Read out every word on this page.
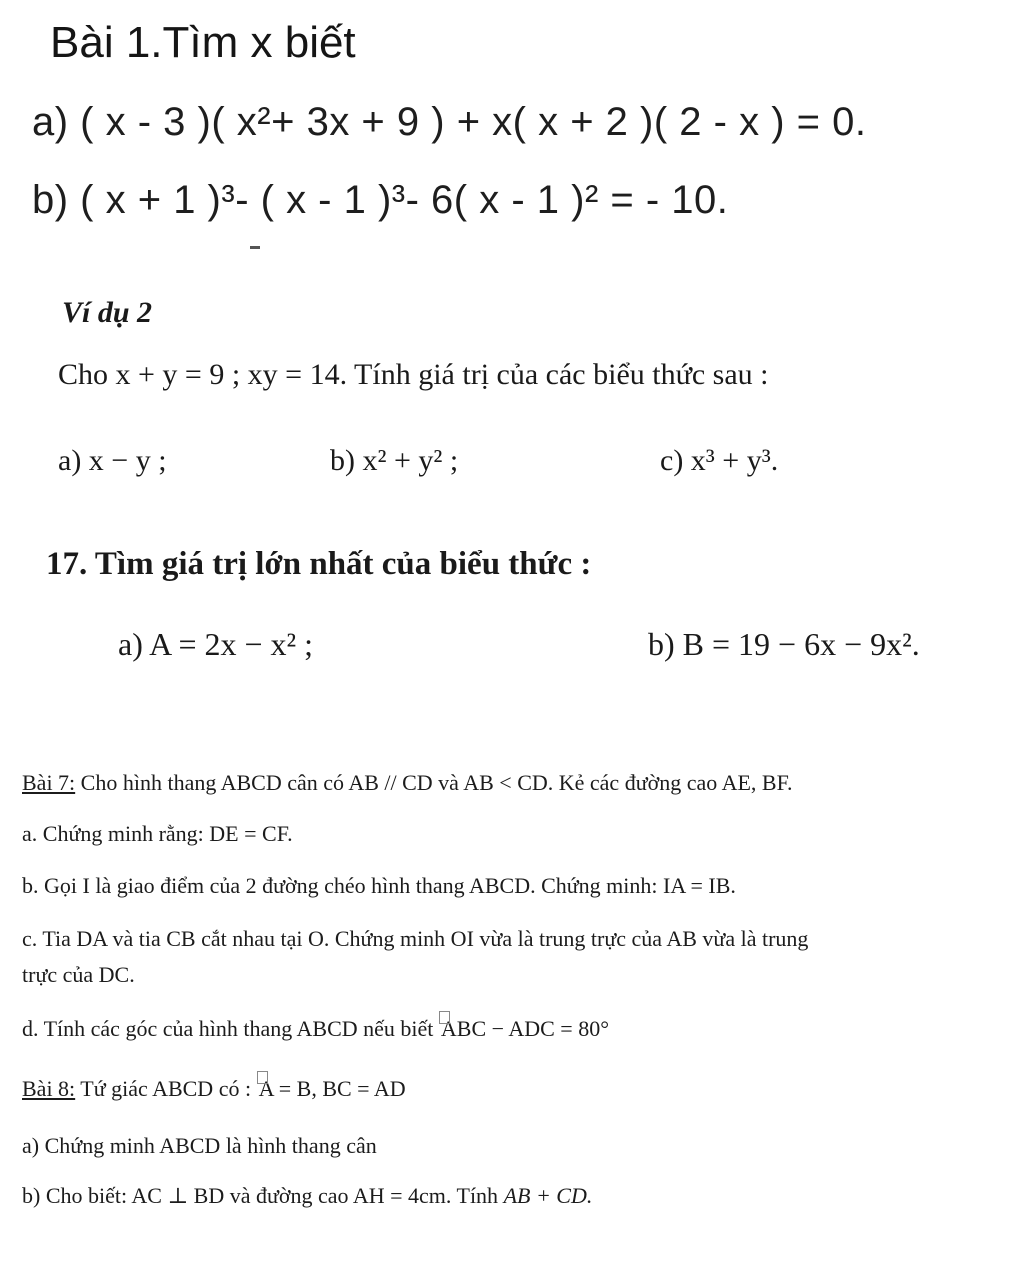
Bài 1.Tìm x biết
a) ( x - 3 )( x²+ 3x + 9 ) + x( x + 2 )( 2 - x ) = 0.
b) ( x + 1 )³- ( x - 1 )³- 6( x - 1 )² = - 10.
Ví dụ 2
Cho x + y = 9 ; xy = 14. Tính giá trị của các biểu thức sau :
a) x − y ;	b) x² + y² ;	c) x³ + y³.
17. Tìm giá trị lớn nhất của biểu thức :
a) A = 2x − x² ;	b) B = 19 − 6x − 9x².
Bài 7: Cho hình thang ABCD cân có AB // CD và AB < CD. Kẻ các đường cao AE, BF.
a. Chứng minh rằng: DE = CF.
b. Gọi I là giao điểm của 2 đường chéo hình thang ABCD. Chứng minh: IA = IB.
c. Tia DA và tia CB cắt nhau tại O. Chứng minh OI vừa là trung trực của AB vừa là trung
trực của DC.
d. Tính các góc của hình thang ABCD nếu biết ABC − ADC = 80°
Bài 8: Tứ giác ABCD có : A = B, BC = AD
a) Chứng minh ABCD là hình thang cân
b) Cho biết: AC ⊥ BD và đường cao AH = 4cm. Tính AB + CD.
